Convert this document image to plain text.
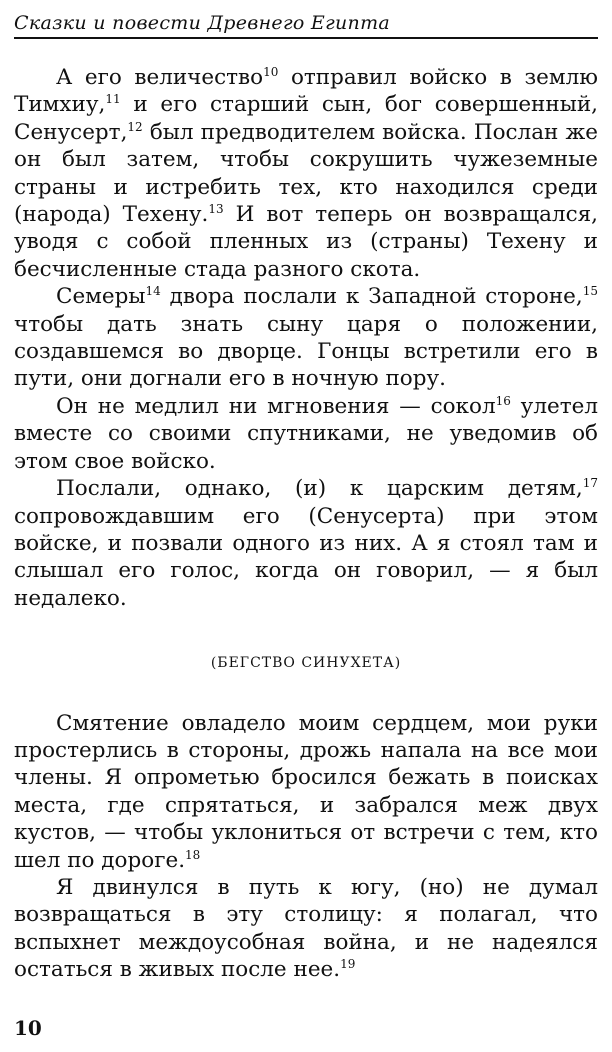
Сказки и повести Древнего Египта

А его величество$^{10}$ отправил войско в землю Тимхиу,$^{11}$ и его старший сын, бог совершенный, Сенусерт,$^{12}$ был предводителем войска. Послан же он был затем, чтобы сокрушить чужеземные страны и истребить тех, кто находился среди (народа) Техену.$^{13}$ И вот теперь он возвращался, уводя с собой пленных из (страны) Техену и бесчисленные стада разного скота.

Семеры$^{14}$ двора послали к Западной стороне,$^{15}$ чтобы дать знать сыну царя о положении, создавшемся во дворце. Гонцы встретили его в пути, они догнали его в ночную пору.

Он не медлил ни мгновения — сокол$^{16}$ улетел вместе со своими спутниками, не уведомив об этом свое войско.

Послали, однако, (и) к царским детям,$^{17}$ сопровождавшим его (Сенусерта) при этом войске, и позвали одного из них. А я стоял там и слышал его голос, когда он говорил, — я был недалеко.

(БЕГСТВО СИНУХЕТА)

Смятение овладело моим сердцем, мои руки простерлись в стороны, дрожь напала на все мои члены. Я опрометью бросился бежать в поисках места, где спрятаться, и забрался меж двух кустов, — чтобы уклониться от встречи с тем, кто шел по дороге.$^{18}$

Я двинулся в путь к югу, (но) не думал возвращаться в эту столицу: я полагал, что вспыхнет междоусобная война, и не надеялся остаться в живых после нее.$^{19}$

10
